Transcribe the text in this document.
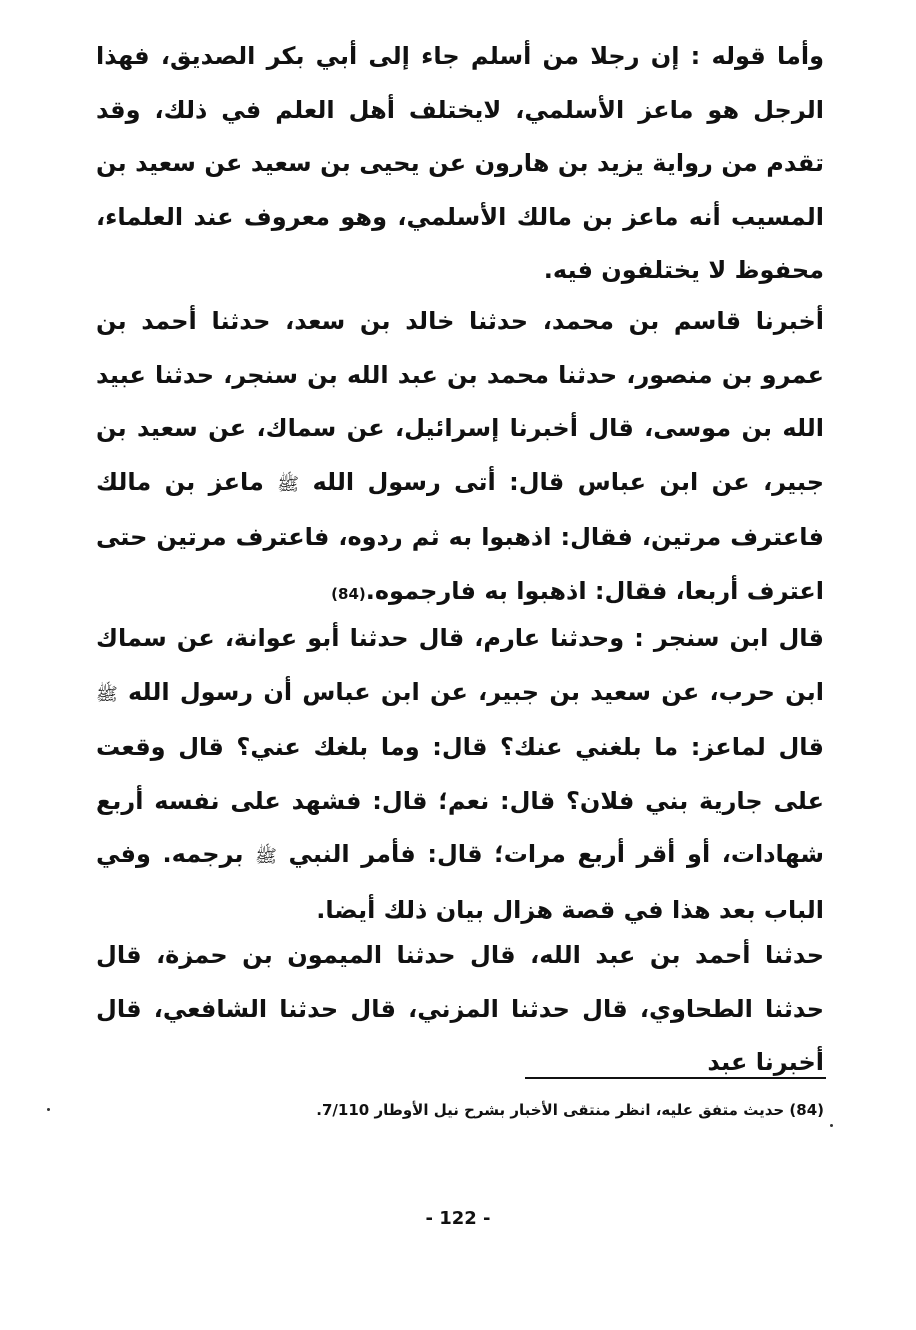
وأما قوله : إن رجلا من أسلم جاء إلى أبي بكر الصديق، فهذا الرجل هو ماعز الأسلمي، لايختلف أهل العلم في ذلك، وقد تقدم من رواية يزيد بن هارون عن يحيى بن سعيد عن سعيد بن المسيب أنه ماعز بن مالك الأسلمي، وهو معروف عند العلماء، محفوظ لا يختلفون فيه.

أخبرنا قاسم بن محمد، حدثنا خالد بن سعد، حدثنا أحمد بن عمرو بن منصور، حدثنا محمد بن عبد الله بن سنجر، حدثنا عبيد الله بن موسى، قال أخبرنا إسرائيل، عن سماك، عن سعيد بن جبير، عن ابن عباس قال: أتى رسول الله ﷺ ماعز بن مالك فاعترف مرتين، فقال: اذهبوا به ثم ردوه، فاعترف مرتين حتى اعترف أربعا، فقال: اذهبوا به فارجموه.(84)

قال ابن سنجر : وحدثنا عارم، قال حدثنا أبو عوانة، عن سماك ابن حرب، عن سعيد بن جبير، عن ابن عباس أن رسول الله ﷺ قال لماعز: ما بلغني عنك؟ قال: وما بلغك عني؟ قال وقعت على جارية بني فلان؟ قال: نعم؛ قال: فشهد على نفسه أربع شهادات، أو أقر أربع مرات؛ قال: فأمر النبي ﷺ برجمه. وفي الباب بعد هذا في قصة هزال بيان ذلك أيضا.

حدثنا أحمد بن عبد الله، قال حدثنا الميمون بن حمزة، قال حدثنا الطحاوي، قال حدثنا المزني، قال حدثنا الشافعي، قال أخبرنا عبد

(84) حديث متفق عليه، انظر منتقى الأخبار بشرح نيل الأوطار 7/110.
- 122 -
